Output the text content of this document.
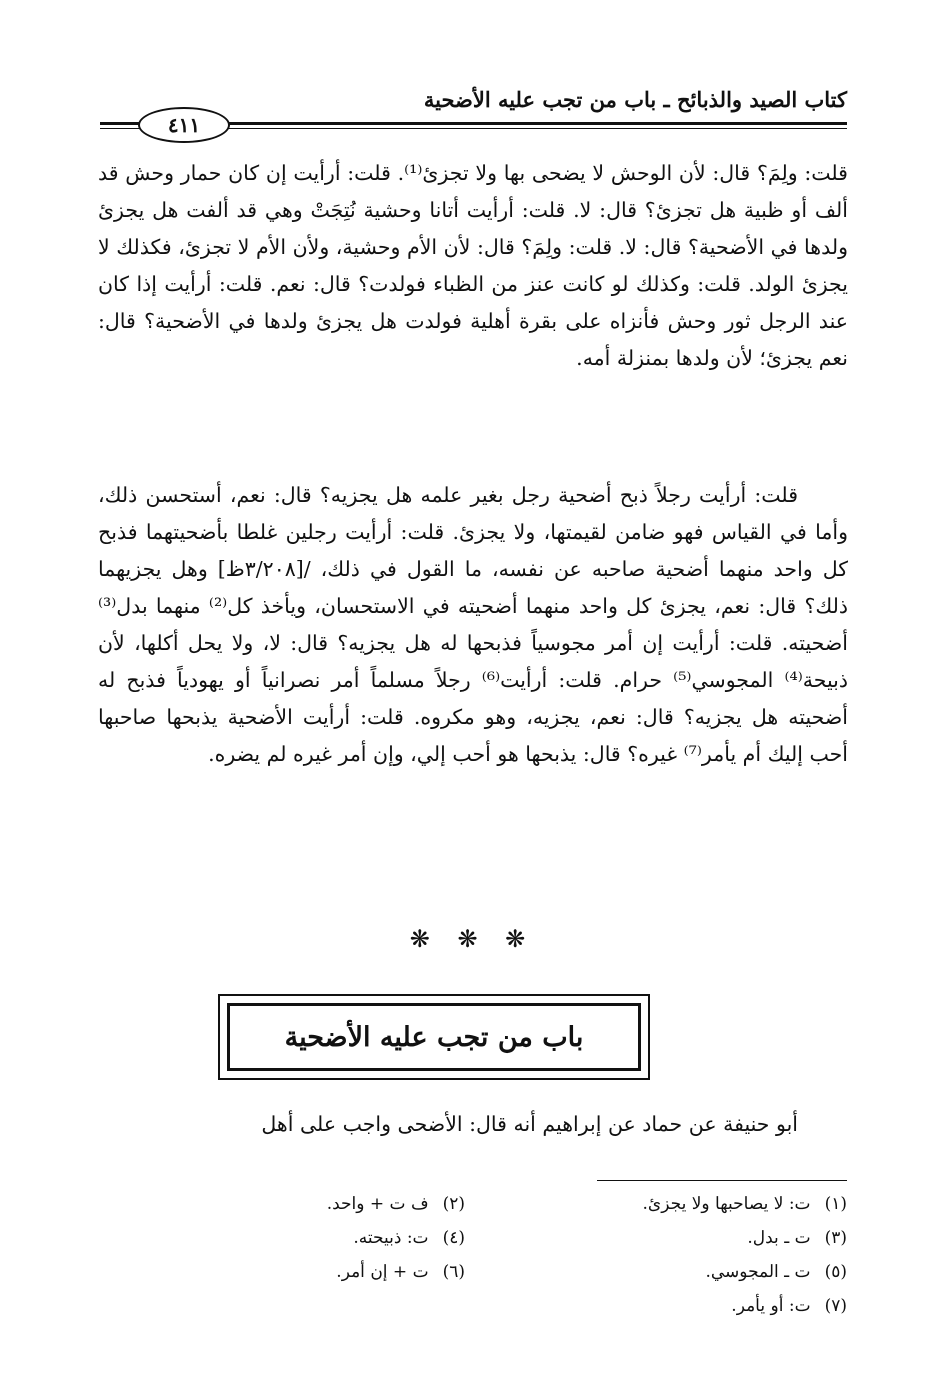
كتاب الصيد والذبائح ـ باب من تجب عليه الأضحية
٤١١

قلت: ولِمَ؟ قال: لأن الوحش لا يضحى بها ولا تجزئ⁽¹⁾. قلت: أرأيت إن كان حمار وحش قد ألف أو ظبية هل تجزئ؟ قال: لا. قلت: أرأيت أتانا وحشية نُتِجَتْ وهي قد ألفت هل يجزئ ولدها في الأضحية؟ قال: لا. قلت: ولِمَ؟ قال: لأن الأم وحشية، ولأن الأم لا تجزئ، فكذلك لا يجزئ الولد. قلت: وكذلك لو كانت عنز من الظباء فولدت؟ قال: نعم. قلت: أرأيت إذا كان عند الرجل ثور وحش فأنزاه على بقرة أهلية فولدت هل يجزئ ولدها في الأضحية؟ قال: نعم يجزئ؛ لأن ولدها بمنزلة أمه.

قلت: أرأيت رجلاً ذبح أضحية رجل بغير علمه هل يجزيه؟ قال: نعم، أستحسن ذلك، وأما في القياس فهو ضامن لقيمتها، ولا يجزئ. قلت: أرأيت رجلين غلطا بأضحيتهما فذبح كل واحد منهما أضحية صاحبه عن نفسه، ما القول في ذلك، /[٣/٢٠٨ظ] وهل يجزيهما ذلك؟ قال: نعم، يجزئ كل واحد منهما أضحيته في الاستحسان، ويأخذ كل⁽²⁾ منهما بدل⁽³⁾ أضحيته. قلت: أرأيت إن أمر مجوسياً فذبحها له هل يجزيه؟ قال: لا، ولا يحل أكلها، لأن ذبيحة⁽⁴⁾ المجوسي⁽⁵⁾ حرام. قلت: أرأيت⁽⁶⁾ رجلاً مسلماً أمر نصرانياً أو يهودياً فذبح له أضحيته هل يجزيه؟ قال: نعم، يجزيه، وهو مكروه. قلت: أرأيت الأضحية يذبحها صاحبها أحب إليك أم يأمر⁽⁷⁾ غيره؟ قال: يذبحها هو أحب إلي، وإن أمر غيره لم يضره.

❋ ❋ ❋
باب من تجب عليه الأضحية

أبو حنيفة عن حماد عن إبراهيم أنه قال: الأضحى واجب على أهل

(١)ت: لا يصاحبها ولا يجزئ.
(٢)ف ت + واحد.
(٣)ت ـ بدل.
(٤)ت: ذبيحته.
(٥)ت ـ المجوسي.
(٦)ت + إن أمر.
(٧)ت: أو يأمر.
